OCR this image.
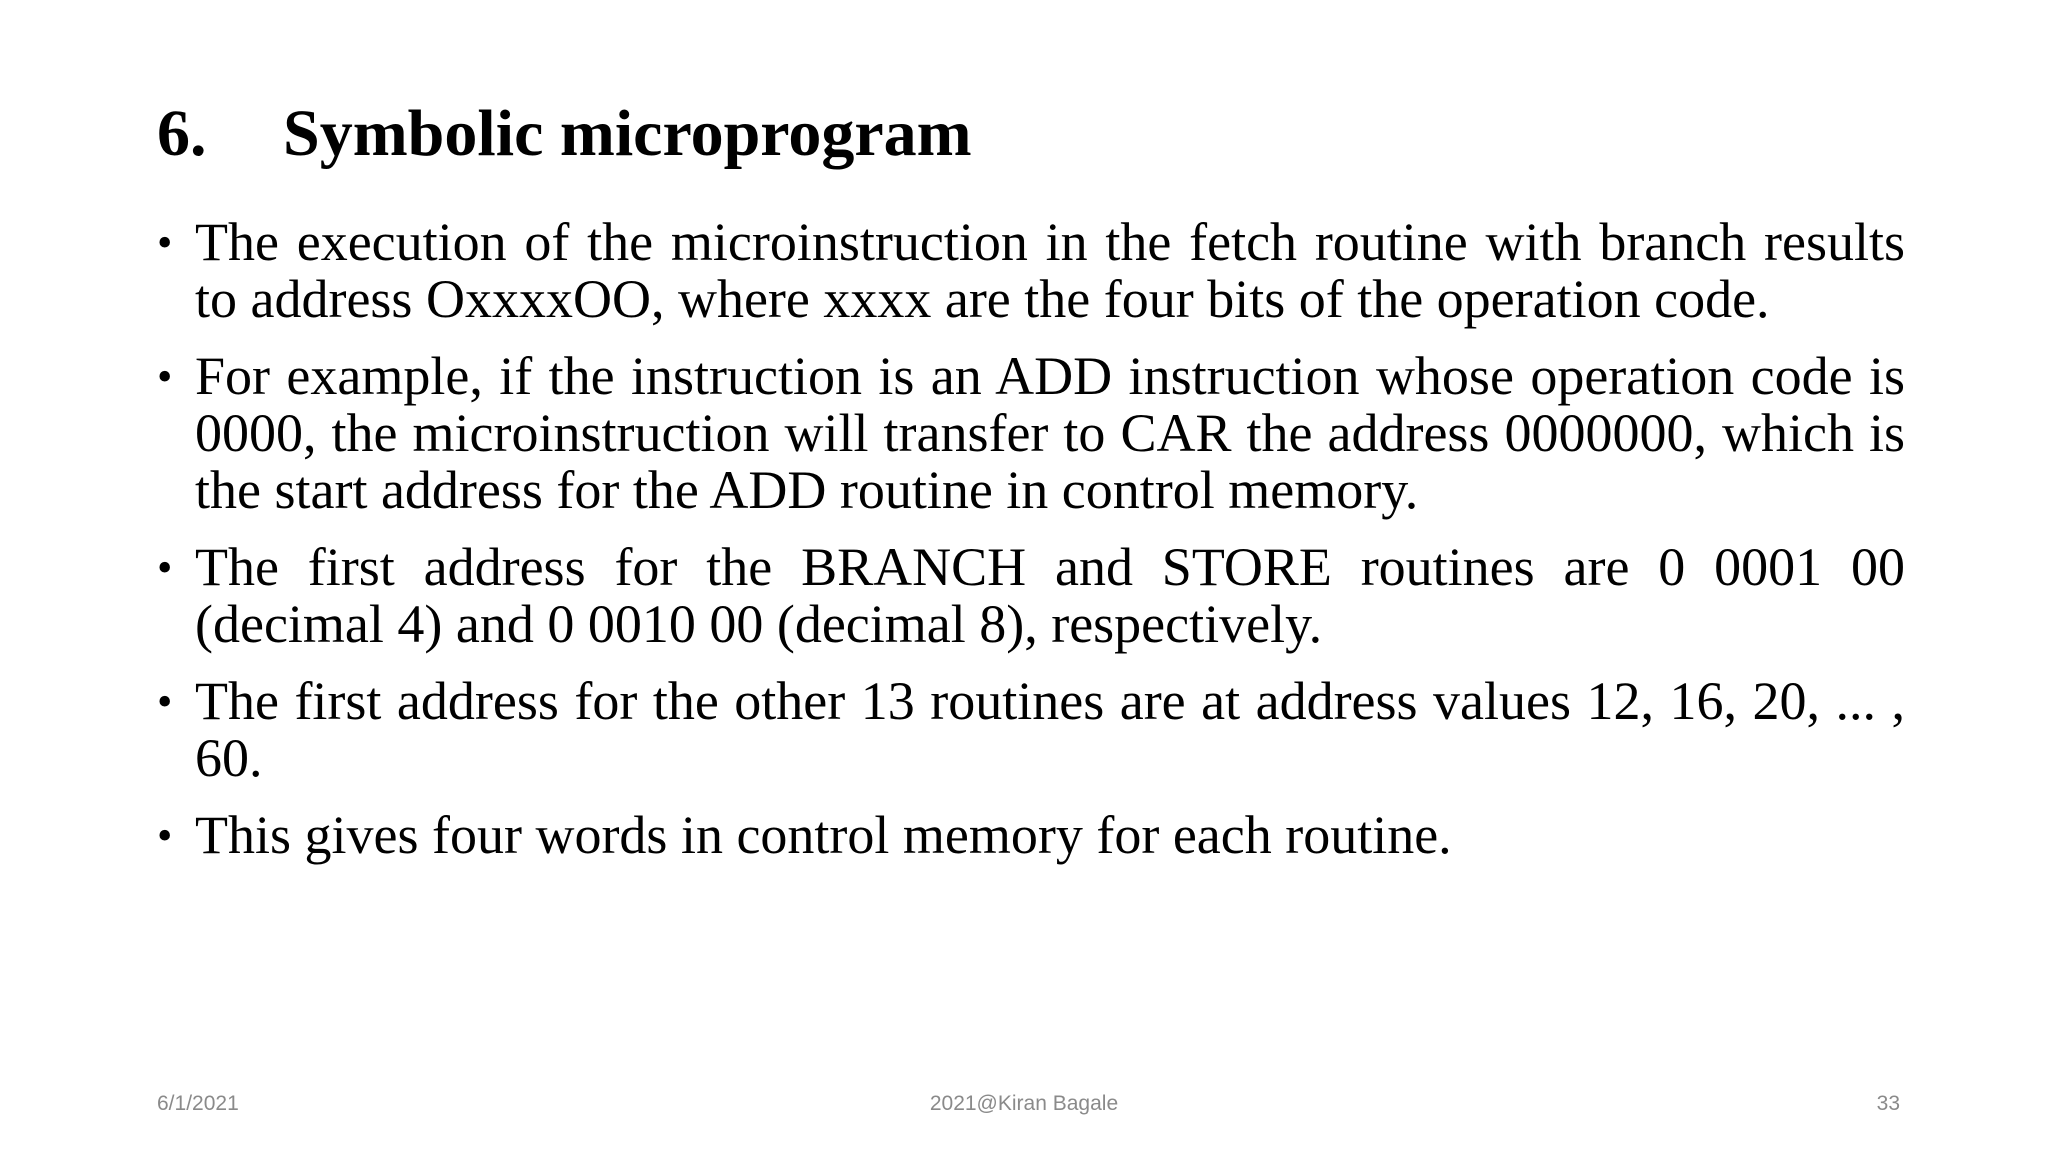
6. Symbolic microprogram
• The execution of the microinstruction in the fetch routine with branch results to address OxxxxOO, where xxxx are the four bits of the operation code.
• For example, if the instruction is an ADD instruction whose operation code is 0000, the microinstruction will transfer to CAR the address 0000000, which is the start address for the ADD routine in control memory.
• The first address for the BRANCH and STORE routines are 0 0001 00 (decimal 4) and 0 0010 00 (decimal 8), respectively.
• The first address for the other 13 routines are at address values 12, 16, 20, ... , 60.
• This gives four words in control memory for each routine.
6/1/2021	2021@Kiran Bagale	33
